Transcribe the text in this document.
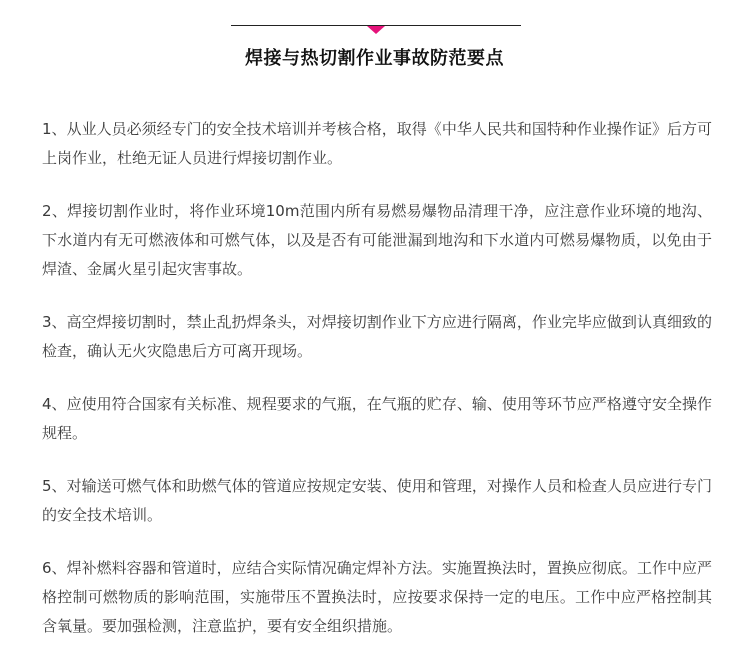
焊接与热切割作业事故防范要点

1、从业人员必须经专门的安全技术培训并考核合格，取得《中华人民共和国特种作业操作证》后方可上岗作业，杜绝无证人员进行焊接切割作业。

2、焊接切割作业时，将作业环境10m范围内所有易燃易爆物品清理干净，应注意作业环境的地沟、下水道内有无可燃液体和可燃气体，以及是否有可能泄漏到地沟和下水道内可燃易爆物质，以免由于焊渣、金属火星引起灾害事故。

3、高空焊接切割时，禁止乱扔焊条头，对焊接切割作业下方应进行隔离，作业完毕应做到认真细致的检查，确认无火灾隐患后方可离开现场。

4、应使用符合国家有关标准、规程要求的气瓶，在气瓶的贮存、输、使用等环节应严格遵守安全操作规程。

5、对输送可燃气体和助燃气体的管道应按规定安装、使用和管理，对操作人员和检查人员应进行专门的安全技术培训。

6、焊补燃料容器和管道时，应结合实际情况确定焊补方法。实施置换法时，置换应彻底。工作中应严格控制可燃物质的影响范围，实施带压不置换法时，应按要求保持一定的电压。工作中应严格控制其含氧量。要加强检测，注意监护，要有安全组织措施。
